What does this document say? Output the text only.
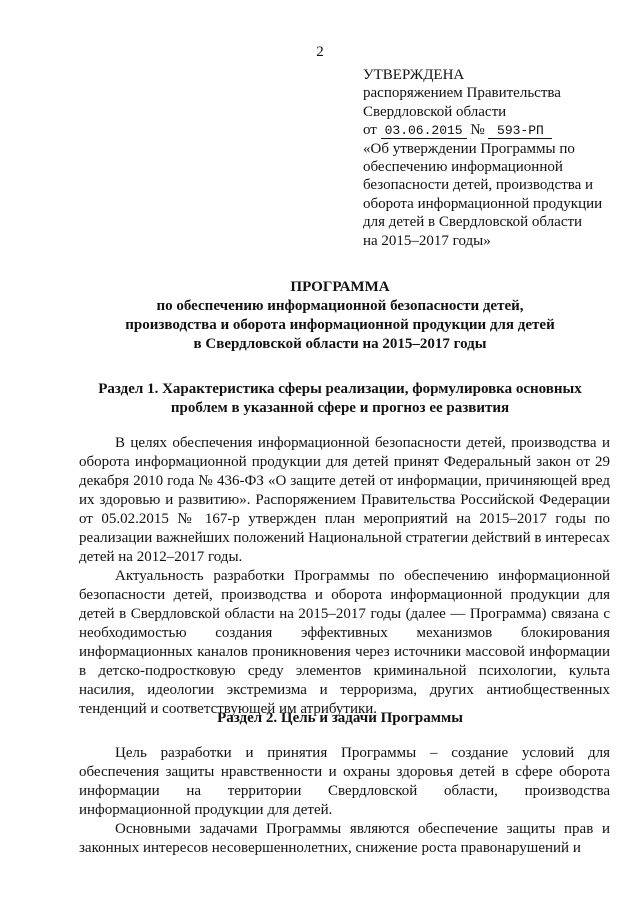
2
УТВЕРЖДЕНА
распоряжением Правительства
Свердловской области
от 03.06.2015 № 593-РП
«Об утверждении Программы по
обеспечению информационной
безопасности детей, производства и
оборота информационной продукции
для детей в Свердловской области
на 2015–2017 годы»
ПРОГРАММА
по обеспечению информационной безопасности детей,
производства и оборота информационной продукции для детей
в Свердловской области на 2015–2017 годы
Раздел 1. Характеристика сферы реализации, формулировка основных
проблем в указанной сфере и прогноз ее развития

В целях обеспечения информационной безопасности детей, производства и оборота информационной продукции для детей принят Федеральный закон от 29 декабря 2010 года № 436-ФЗ «О защите детей от информации, причиняющей вред их здоровью и развитию». Распоряжением Правительства Российской Федерации от 05.02.2015 № 167-р утвержден план мероприятий на 2015–2017 годы по реализации важнейших положений Национальной стратегии действий в интересах детей на 2012–2017 годы.

Актуальность разработки Программы по обеспечению информационной безопасности детей, производства и оборота информационной продукции для детей в Свердловской области на 2015–2017 годы (далее — Программа) связана с необходимостью создания эффективных механизмов блокирования информационных каналов проникновения через источники массовой информации в детско-подростковую среду элементов криминальной психологии, культа насилия, идеологии экстремизма и терроризма, других антиобщественных тенденций и соответствующей им атрибутики.

Раздел 2. Цель и задачи Программы

Цель разработки и принятия Программы – создание условий для обеспечения защиты нравственности и охраны здоровья детей в сфере оборота информации на территории Свердловской области, производства информационной продукции для детей.

Основными задачами Программы являются обеспечение защиты прав и законных интересов несовершеннолетних, снижение роста правонарушений и
